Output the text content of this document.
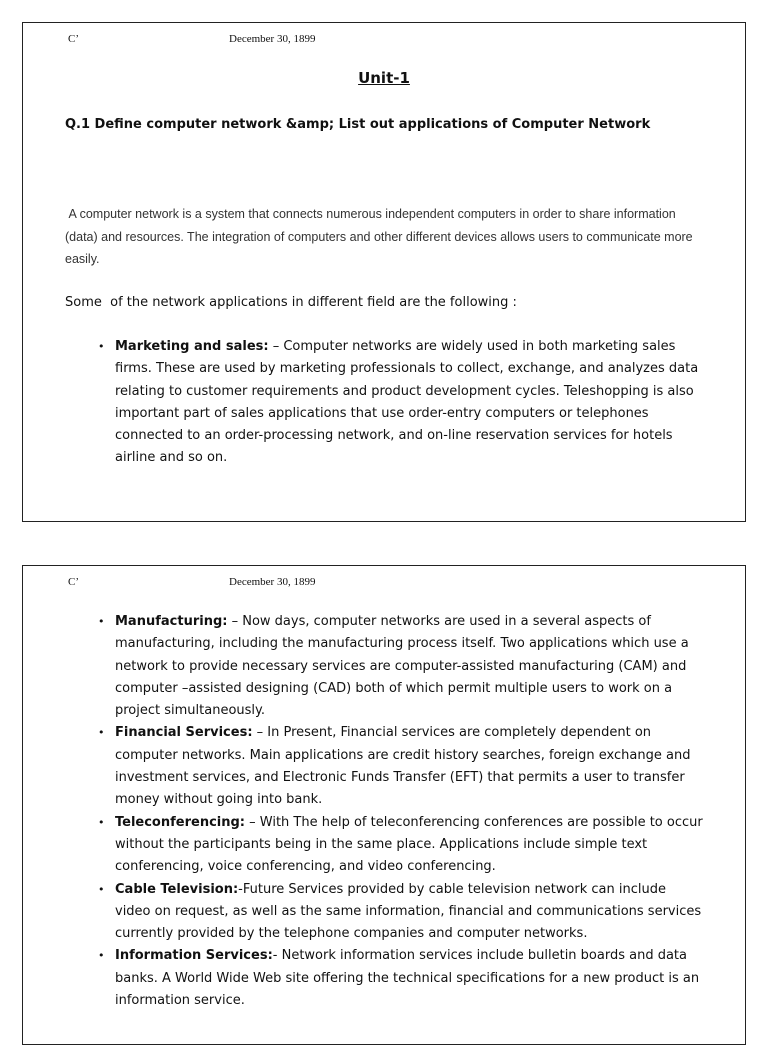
C’	December 30, 1899
Unit-1
Q.1 Define computer network &amp; List out applications of Computer Network

A computer network is a system that connects numerous independent computers in order to share information (data) and resources. The integration of computers and other different devices allows users to communicate more easily.

Some  of the network applications in different field are the following :

• Marketing and sales: – Computer networks are widely used in both marketing sales firms. These are used by marketing professionals to collect, exchange, and analyzes data relating to customer requirements and product development cycles. Teleshopping is also important part of sales applications that use order-entry computers or telephones connected to an order-processing network, and on-line reservation services for hotels airline and so on.
C’	December 30, 1899
• Manufacturing: – Now days, computer networks are used in a several aspects of manufacturing, including the manufacturing process itself. Two applications which use a network to provide necessary services are computer-assisted manufacturing (CAM) and computer –assisted designing (CAD) both of which permit multiple users to work on a project simultaneously.
• Financial Services: – In Present, Financial services are completely dependent on computer networks. Main applications are credit history searches, foreign exchange and investment services, and Electronic Funds Transfer (EFT) that permits a user to transfer money without going into bank.
• Teleconferencing: – With The help of teleconferencing conferences are possible to occur without the participants being in the same place. Applications include simple text conferencing, voice conferencing, and video conferencing.
• Cable Television:-Future Services provided by cable television network can include video on request, as well as the same information, financial and communications services currently provided by the telephone companies and computer networks.
• Information Services:- Network information services include bulletin boards and data banks. A World Wide Web site offering the technical specifications for a new product is an information service.
